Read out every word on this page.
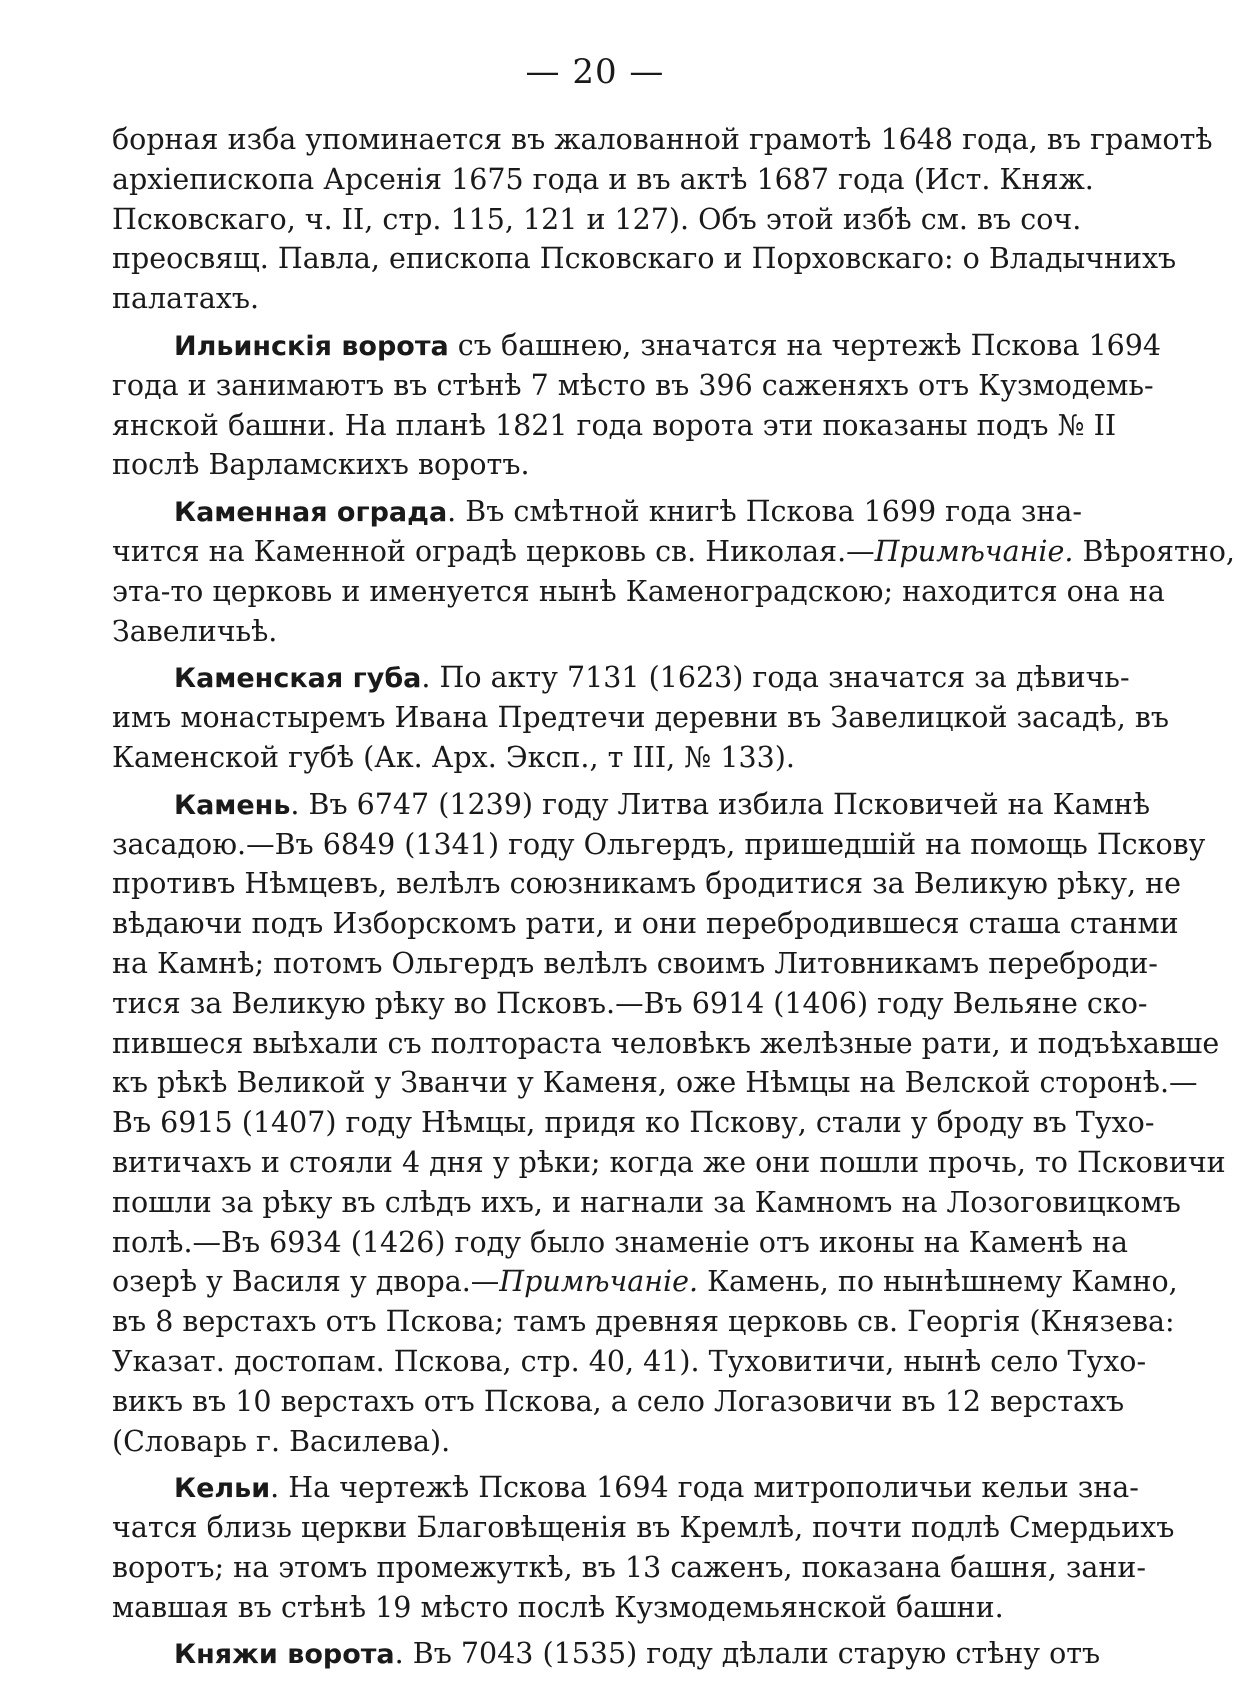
— 20 —
борная изба упоминается въ жалованной грамотѣ 1648 года, въ грамотѣ
архіепископа Арсенія 1675 года и въ актѣ 1687 года (Ист. Княж.
Псковскаго, ч. II, стр. 115, 121 и 127). Объ этой избѣ см. въ соч.
преосвящ. Павла, епископа Псковскаго и Порховскаго: о Владычнихъ
палатахъ.
Ильинскія ворота съ башнею, значатся на чертежѣ Пскова 1694
года и занимаютъ въ стѣнѣ 7 мѣсто въ 396 саженяхъ отъ Кузмодемь-
янской башни. На планѣ 1821 года ворота эти показаны подъ № II
послѣ Варламскихъ воротъ.
Каменная ограда. Въ смѣтной книгѣ Пскова 1699 года зна-
чится на Каменной оградѣ церковь св. Николая.—Примѣчаніе. Вѣроятно,
эта-то церковь и именуется нынѣ Каменоградскою; находится она на
Завеличьѣ.
Каменская губа. По акту 7131 (1623) года значатся за дѣвичь-
имъ монастыремъ Ивана Предтечи деревни въ Завелицкой засадѣ, въ
Каменской губѣ (Ак. Арх. Эксп., т III, № 133).
Камень. Въ 6747 (1239) году Литва избила Псковичей на Камнѣ
засадою.—Въ 6849 (1341) году Ольгердъ, пришедшій на помощь Пскову
противъ Нѣмцевъ, велѣлъ союзникамъ бродитися за Великую рѣку, не
вѣдаючи подъ Изборскомъ рати, и они перебродившеся сташа станми
на Камнѣ; потомъ Ольгердъ велѣлъ своимъ Литовникамъ переброди-
тися за Великую рѣку во Псковъ.—Въ 6914 (1406) году Вельяне ско-
пившеся выѣхали съ полтораста человѣкъ желѣзные рати, и подъѣхавше
къ рѣкѣ Великой у Званчи у Каменя, оже Нѣмцы на Велской сторонѣ.—
Въ 6915 (1407) году Нѣмцы, придя ко Пскову, стали у броду въ Тухо-
витичахъ и стояли 4 дня у рѣки; когда же они пошли прочь, то Псковичи
пошли за рѣку въ слѣдъ ихъ, и нагнали за Камномъ на Лозоговицкомъ
полѣ.—Въ 6934 (1426) году было знаменіе отъ иконы на Каменѣ на
озерѣ у Василя у двора.—Примѣчаніе. Камень, по нынѣшнему Камно,
въ 8 верстахъ отъ Пскова; тамъ древняя церковь св. Георгія (Князева:
Указат. достопам. Пскова, стр. 40, 41). Туховитичи, нынѣ село Тухо-
викъ въ 10 верстахъ отъ Пскова, а село Логазовичи въ 12 верстахъ
(Словарь г. Василева).
Кельи. На чертежѣ Пскова 1694 года митрополичьи кельи зна-
чатся близь церкви Благовѣщенія въ Кремлѣ, почти подлѣ Смердьихъ
воротъ; на этомъ промежуткѣ, въ 13 саженъ, показана башня, зани-
мавшая въ стѣнѣ 19 мѣсто послѣ Кузмодемьянской башни.
Княжи ворота. Въ 7043 (1535) году дѣлали старую стѣну отъ
